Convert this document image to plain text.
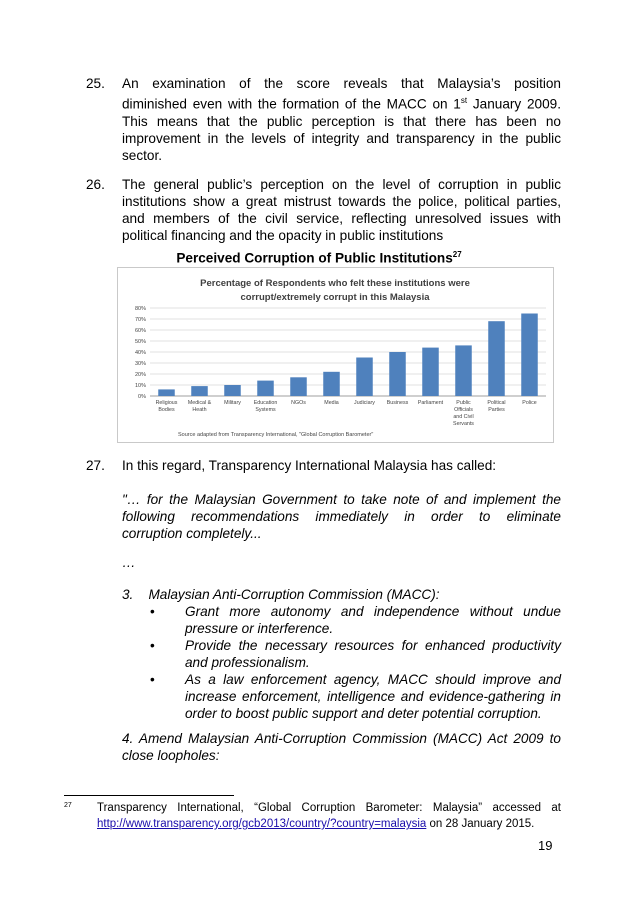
25. An examination of the score reveals that Malaysia’s position
diminished even with the formation of the MACC on 1st January 2009.
This means that the public perception is that there has been no
improvement in the levels of integrity and transparency in the public
sector.
26. The general public’s perception on the level of corruption in public
institutions show a great mistrust towards the police, political parties,
and members of the civil service, reflecting unresolved issues with
political financing and the opacity in public institutions
Perceived Corruption of Public Institutions$^{27}$
Percentage of Respondents who felt these institutions were
corrupt/extremely corrupt in this Malaysia
0%
10%
20%
30%
40%
50%
60%
70%
80%
Religious Bodies
Medical & Heath
Military Education Systems
NGOs	Media	Judiciary Business Parliament	Public Officials and Civil Servants
Political Parties
Police
Source adapted from Transparency International, "Global Corruption Barometer"
27. In this regard, Transparency International Malaysia has called:
"… for the Malaysian Government to take note of and implement the
following recommendations immediately in order to eliminate
corruption completely...
…
3.    Malaysian Anti-Corruption Commission (MACC):
• Grant more autonomy and independence without undue
pressure or interference.
• Provide the necessary resources for enhanced productivity
and professionalism.
• As a law enforcement agency, MACC should improve and
increase enforcement, intelligence and evidence-gathering in
order to boost public support and deter potential corruption.
4. Amend Malaysian Anti-Corruption Commission (MACC) Act 2009 to
close loopholes:
27 Transparency International, “Global Corruption Barometer: Malaysia” accessed at
http://www.transparency.org/gcb2013/country/?country=malaysia on 28 January 2015.
19
